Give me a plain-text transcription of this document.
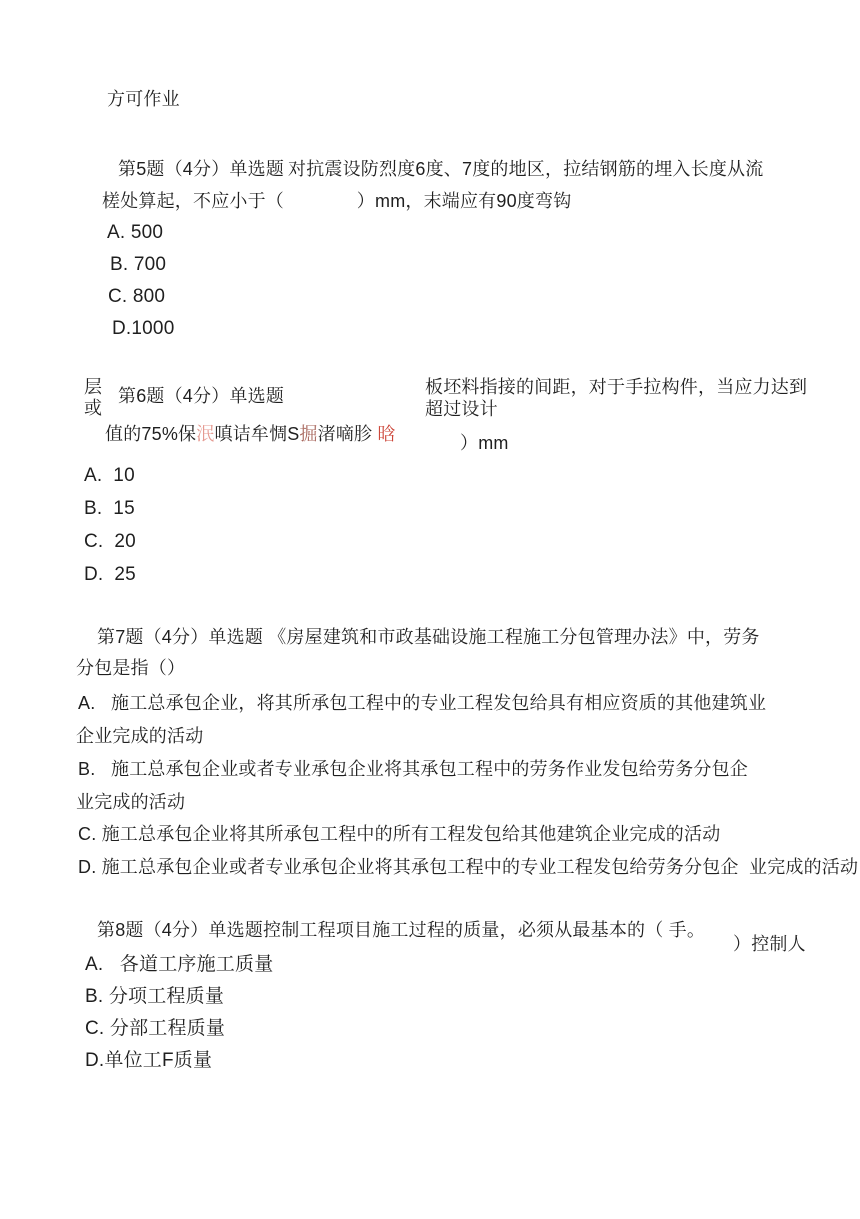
方可作业
第5题（4分）单选题 对抗震设防烈度6度、7度的地区，拉结钢筋的埋入长度从流
槎处算起，不应小于（　　　　）mm，末端应有90度弯钩
A. 500
B. 700
C. 800
D.1000
层
或
第6题（4分）单选题	板坯料指接的间距，对于手拉构件，当应力达到
超过设计
值的75%保泯嗔诘牟惆S掘渚嘀胗 晗	）mm
A.  10
B.  15
C.  20
D.  25
第7题（4分）单选题 《房屋建筑和市政基础设施工程施工分包管理办法》中，劳务
分包是指（）
A.   施工总承包企业，将其所承包工程中的专业工程发包给具有相应资质的其他建筑业
企业完成的活动
B.   施工总承包企业或者专业承包企业将其承包工程中的劳务作业发包给劳务分包企
业完成的活动
C. 施工总承包企业将其所承包工程中的所有工程发包给其他建筑企业完成的活动
D. 施工总承包企业或者专业承包企业将其承包工程中的专业工程发包给劳务分包企  业完成的活动
第8题（4分）单选题控制工程项目施工过程的质量，必须从最基本的（ 手。
）控制人
A.   各道工序施工质量
B. 分项工程质量
C. 分部工程质量
D.单位工F质量
